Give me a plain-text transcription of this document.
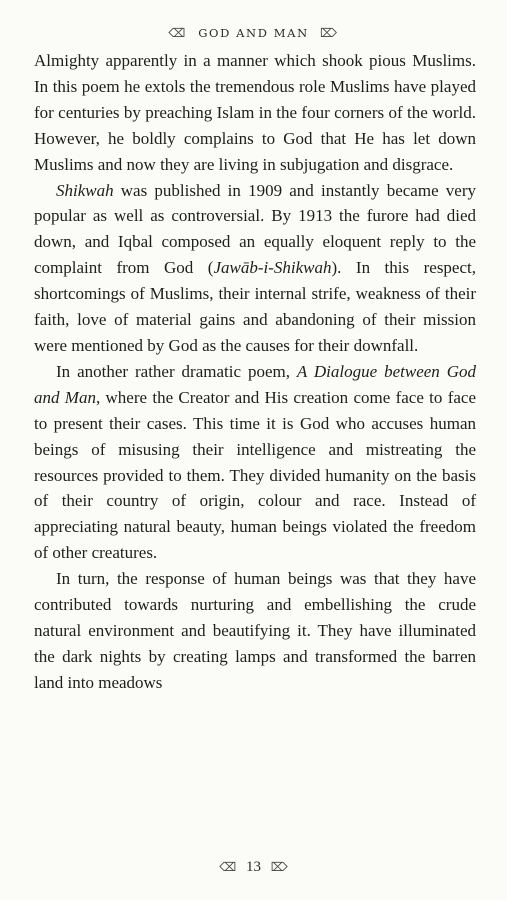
⌫ GOD AND MAN ⌦

Almighty apparently in a manner which shook pious Muslims. In this poem he extols the tremendous role Muslims have played for centuries by preaching Islam in the four corners of the world. However, he boldly complains to God that He has let down Muslims and now they are living in subjugation and disgrace.

Shikwah was published in 1909 and instantly became very popular as well as controversial. By 1913 the furore had died down, and Iqbal composed an equally eloquent reply to the complaint from God (Jawāb-i-Shikwah). In this respect, shortcomings of Muslims, their internal strife, weakness of their faith, love of material gains and abandoning of their mission were mentioned by God as the causes for their downfall.

In another rather dramatic poem, A Dialogue between God and Man, where the Creator and His creation come face to face to present their cases. This time it is God who accuses human beings of misusing their intelligence and mistreating the resources provided to them. They divided humanity on the basis of their country of origin, colour and race. Instead of appreciating natural beauty, human beings violated the freedom of other creatures.

In turn, the response of human beings was that they have contributed towards nurturing and embellishing the crude natural environment and beautifying it. They have illuminated the dark nights by creating lamps and transformed the barren land into meadows

⌫ 13 ⌦
